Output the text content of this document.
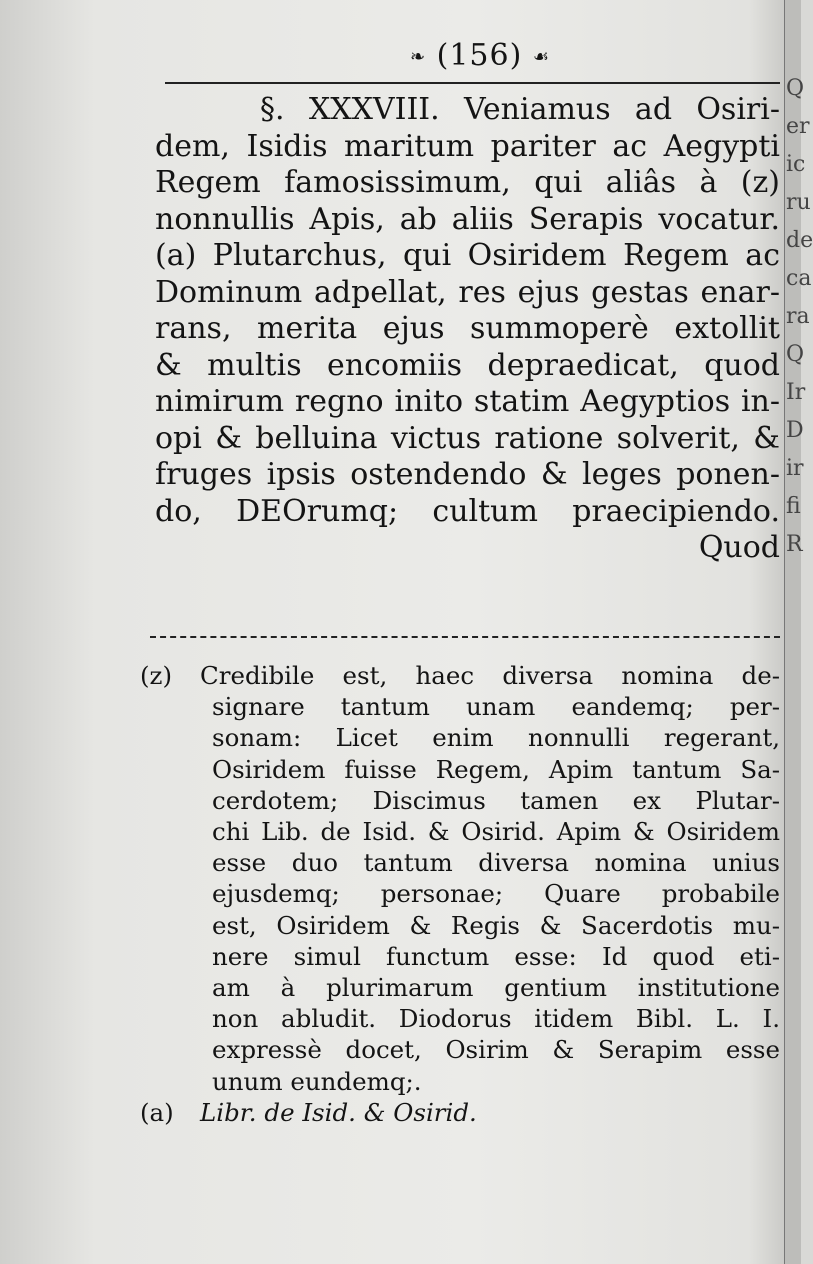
❧ (156) ☙
§. XXXVIII. Veniamus ad Osiri-
dem, Isidis maritum pariter ac Aegypti
Regem famosissimum, qui aliâs à (z)
nonnullis Apis, ab aliis Serapis vocatur.
(a) Plutarchus, qui Osiridem Regem ac
Dominum adpellat, res ejus gestas enar-
rans, merita ejus summoperè extollit
& multis encomiis depraedicat, quod
nimirum regno inito statim Aegyptios in-
opi & belluina victus ratione solverit, &
fruges ipsis ostendendo & leges ponen-
do, DEOrumq; cultum praecipiendo.
Quod
(z) Credibile est, haec diversa nomina de-
signare tantum unam eandemq; per-
sonam: Licet enim nonnulli regerant,
Osiridem fuisse Regem, Apim tantum Sa-
cerdotem; Discimus tamen ex Plutar-
chi Lib. de Isid. & Osirid. Apim & Osiridem
esse duo tantum diversa nomina unius
ejusdemq; personae; Quare probabile
est, Osiridem & Regis & Sacerdotis mu-
nere simul functum esse: Id quod eti-
am à plurimarum gentium institutione
non abludit. Diodorus itidem Bibl. L. I.
expressè docet, Osirim & Serapim esse
unum eundemq;.
(a) Libr. de Isid. & Osirid.
Q
er
ic
ru
de
ca
ra
Q
Ir
D
ir
fi
R
